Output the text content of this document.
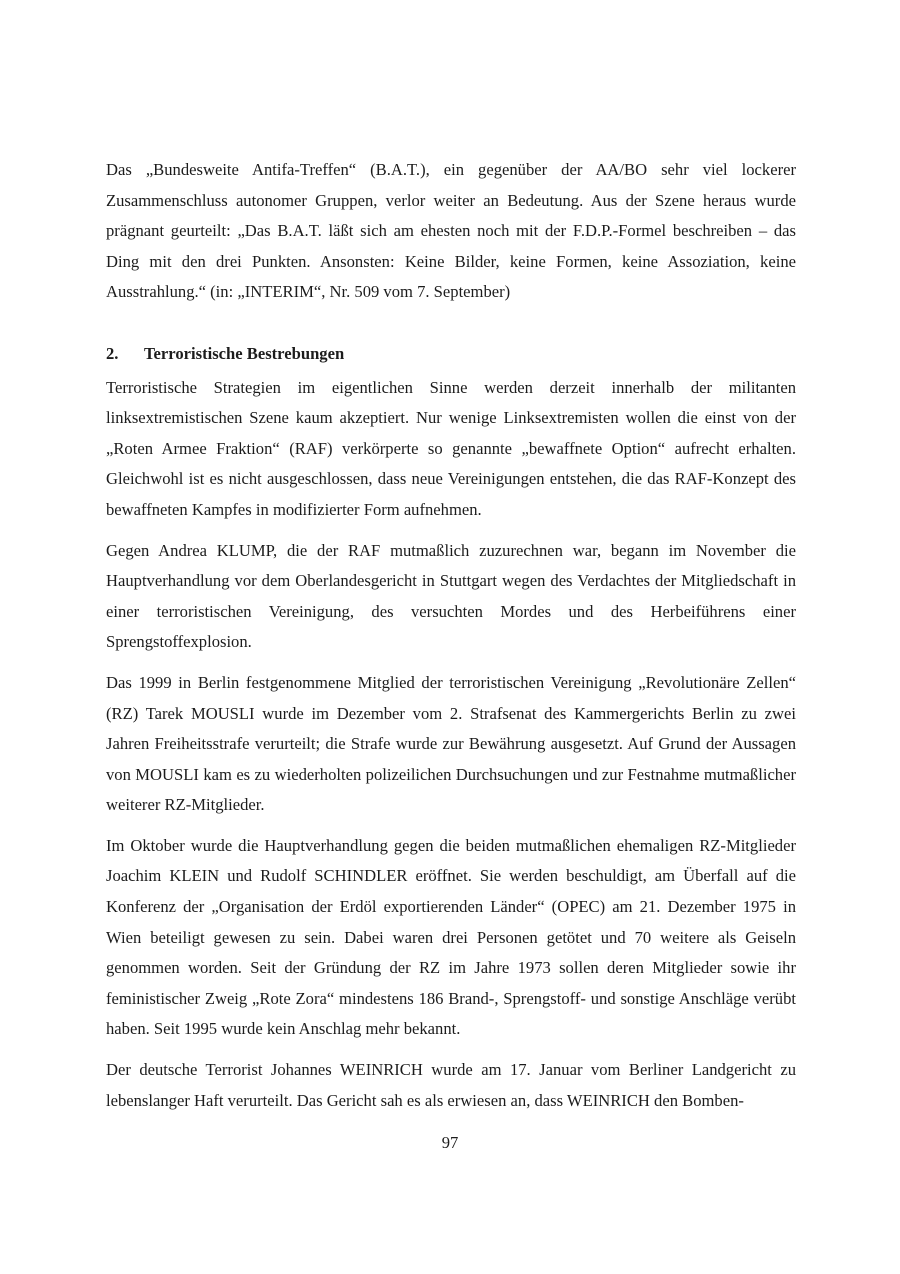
Das „Bundesweite Antifa-Treffen“ (B.A.T.), ein gegenüber der AA/BO sehr viel lockerer Zusammenschluss autonomer Gruppen, verlor weiter an Bedeutung. Aus der Szene heraus wurde prägnant geurteilt: „Das B.A.T. läßt sich am ehesten noch mit der F.D.P.-Formel beschreiben – das Ding mit den drei Punkten. Ansonsten: Keine Bilder, keine Formen, keine Assoziation, keine Ausstrahlung.“ (in: „INTERIM“, Nr. 509 vom 7. September)

2.	Terroristische Bestrebungen

Terroristische Strategien im eigentlichen Sinne werden derzeit innerhalb der militanten linksextremistischen Szene kaum akzeptiert. Nur wenige Linksextremisten wollen die einst von der „Roten Armee Fraktion“ (RAF) verkörperte so genannte „bewaffnete Option“ aufrecht erhalten. Gleichwohl ist es nicht ausgeschlossen, dass neue Vereinigungen entstehen, die das RAF-Konzept des bewaffneten Kampfes in modifizierter Form aufnehmen.

Gegen Andrea KLUMP, die der RAF mutmaßlich zuzurechnen war, begann im November die Hauptverhandlung vor dem Oberlandesgericht in Stuttgart wegen des Verdachtes der Mitgliedschaft in einer terroristischen Vereinigung, des versuchten Mordes und des Herbeiführens einer Sprengstoffexplosion.

Das 1999 in Berlin festgenommene Mitglied der terroristischen Vereinigung „Revolutionäre Zellen“ (RZ) Tarek MOUSLI wurde im Dezember vom 2. Strafsenat des Kammergerichts Berlin zu zwei Jahren Freiheitsstrafe verurteilt; die Strafe wurde zur Bewährung ausgesetzt. Auf Grund der Aussagen von MOUSLI kam es zu wiederholten polizeilichen Durchsuchungen und zur Festnahme mutmaßlicher weiterer RZ-Mitglieder.

Im Oktober wurde die Hauptverhandlung gegen die beiden mutmaßlichen ehemaligen RZ-Mitglieder Joachim KLEIN und Rudolf SCHINDLER eröffnet. Sie werden beschuldigt, am Überfall auf die Konferenz der „Organisation der Erdöl exportierenden Länder“ (OPEC) am 21. Dezember 1975 in Wien beteiligt gewesen zu sein. Dabei waren drei Personen getötet und 70 weitere als Geiseln genommen worden. Seit der Gründung der RZ im Jahre 1973 sollen deren Mitglieder sowie ihr feministischer Zweig „Rote Zora“ mindestens 186 Brand-, Sprengstoff- und sonstige Anschläge verübt haben. Seit 1995 wurde kein Anschlag mehr bekannt.

Der deutsche Terrorist Johannes WEINRICH wurde am 17. Januar vom Berliner Landgericht zu lebenslanger Haft verurteilt. Das Gericht sah es als erwiesen an, dass WEINRICH den Bomben-

97
